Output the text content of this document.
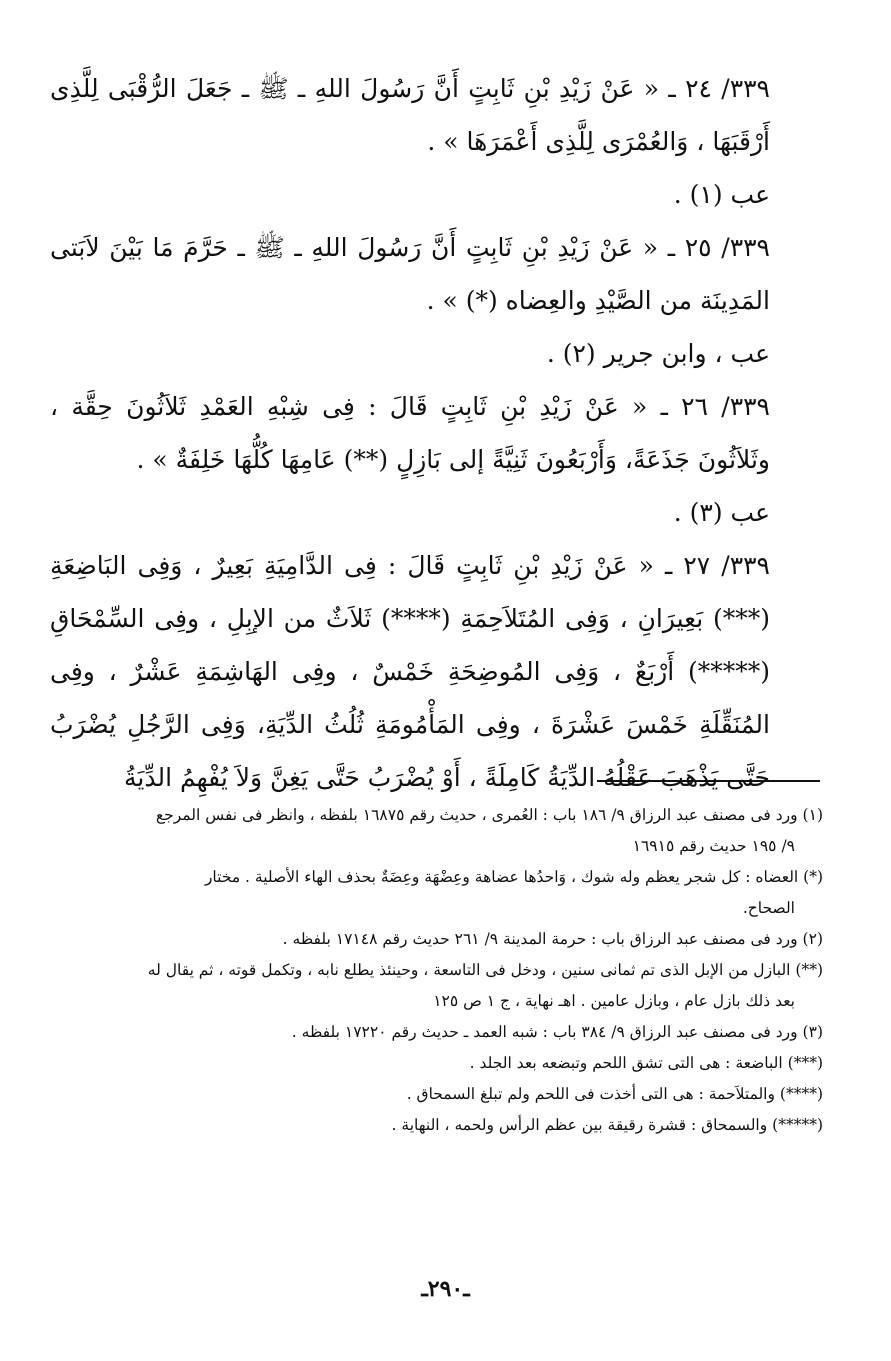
٣٣٩/ ٢٤ ـ « عَنْ زَيْدِ بْنِ ثَابِتٍ أَنَّ رَسُولَ اللهِ ـ ﷺ ـ جَعَلَ الرُّقْبَى لِلَّذِى أَرْقَبَهَا ، وَالعُمْرَى لِلَّذِى أَعْمَرَهَا » .

عب (١) .

٣٣٩/ ٢٥ ـ « عَنْ زَيْدِ بْنِ ثَابِتٍ أَنَّ رَسُولَ اللهِ ـ ﷺ ـ حَرَّمَ مَا بَيْنَ لاَبَتى المَدِينَة من الصَّيْدِ والعِضاه (*) » .

عب ، وابن جرير (٢) .

٣٣٩/ ٢٦ ـ « عَنْ زَيْدِ بْنِ ثَابِتٍ قَالَ : فِى شِبْهِ العَمْدِ ثَلاَثُونَ حِقَّة ، وثَلاَثُونَ جَذَعَةً، وَأَرْبَعُونَ ثَنِيَّةً إلى بَازِلٍ (**) عَامِهَا كُلُّهَا خَلِفَةٌ » .

عب (٣) .

٣٣٩/ ٢٧ ـ « عَنْ زَيْدِ بْنِ ثَابِتٍ قَالَ : فِى الدَّامِيَةِ بَعِيرٌ ، وَفِى البَاضِعَةِ (***) بَعِيرَانِ ، وَفِى المُتَلاَحِمَةِ (****) ثَلاَثٌ من الإبِلِ ، وفِى السِّمْحَاقِ (*****) أَرْبَعٌ ، وَفِى المُوضِحَةِ خَمْسٌ ، وفِى الهَاشِمَةِ عَشْرٌ ، وفِى المُنَقِّلَةِ خَمْسَ عَشْرَةَ ، وفِى المَأْمُومَةِ ثُلُثُ الدِّيَةِ، وَفِى الرَّجُلِ يُضْرَبُ حَتَّى يَذْهَبَ عَقْلُهُ الدِّيَةُ كَامِلَةً ، أَوْ يُضْرَبُ حَتَّى يَغِنَّ وَلاَ يُفْهِمُ الدِّيَةُ

(١) ورد فى مصنف عبد الرزاق ٩/ ١٨٦ باب : العُمرى ، حديث رقم ١٦٨٧٥ بلفظه ، وانظر فى نفس المرجع

٩/ ١٩٥ حديث رقم ١٦٩١٥

(*) العضاه : كل شجر يعظم وله شوك ، وَاحدُها عضاهة وعِضْهَة وعِضَةٌ بحذف الهاء الأصلية . مختار

الصحاح.

(٢) ورد فى مصنف عبد الرزاق باب : حرمة المدينة ٩/ ٢٦١ حديث رقم ١٧١٤٨ بلفظه .

(**) البازل من الإبل الذى تم ثمانى سنين ، ودخل فى التاسعة ، وحينئذ يطلع نابه ، وتكمل قوته ، ثم يقال له

بعد ذلك بازل عام ، وبازل عامين . اهـ نهاية ، ج ١ ص ١٢٥

(٣) ورد فى مصنف عبد الرزاق ٩/ ٣٨٤ باب : شبه العمد ـ حديث رقم ١٧٢٢٠ بلفظه .

(***) الباضعة : هى التى تشق اللحم وتبضعه بعد الجلد .

(****) والمتلاَحمة : هى التى أخذت فى اللحم ولم تبلغ السمحاق .

(*****) والسمحاق : قشرة رقيقة بين عظم الرأس ولحمه ، النهاية .

ـ٢٩٠ـ
